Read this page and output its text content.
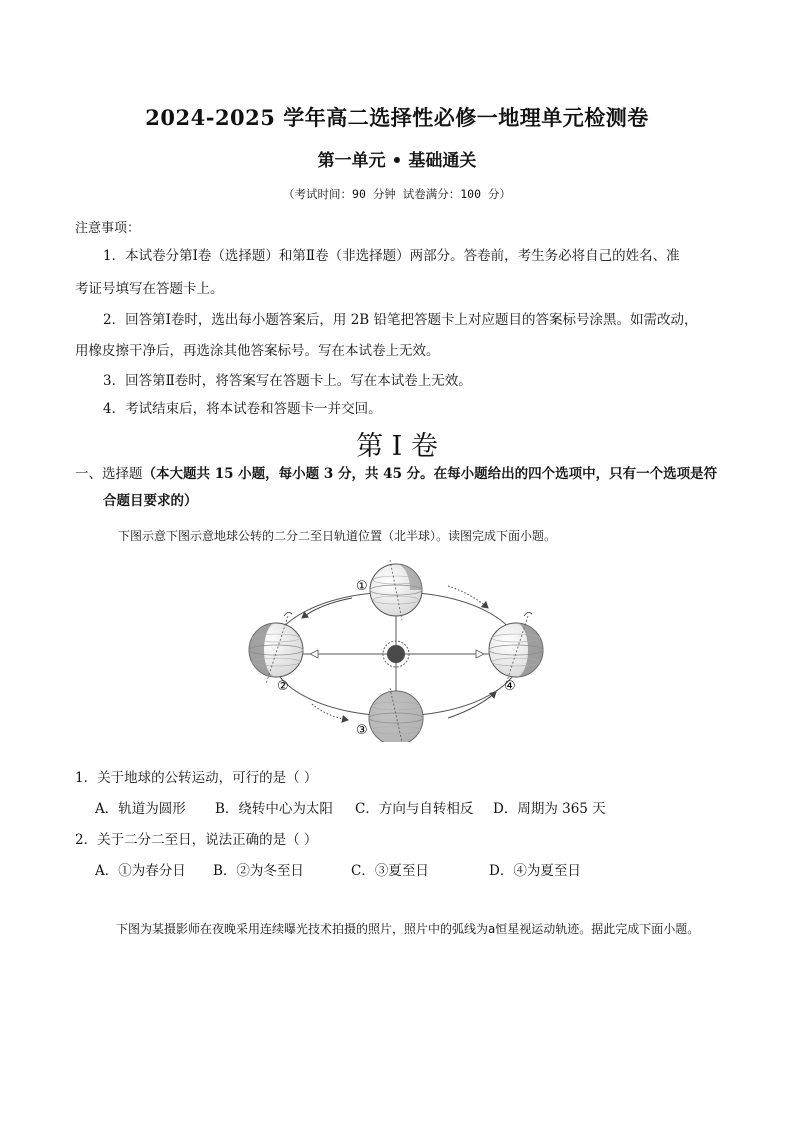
2024-2025 学年高二选择性必修一地理单元检测卷
第一单元 • 基础通关
（考试时间：90 分钟 试卷满分：100 分）
注意事项：
1．本试卷分第Ⅰ卷（选择题）和第Ⅱ卷（非选择题）两部分。答卷前，考生务必将自己的姓名、准
考证号填写在答题卡上。
2．回答第Ⅰ卷时，选出每小题答案后，用 2B 铅笔把答题卡上对应题目的答案标号涂黑。如需改动，
用橡皮擦干净后，再选涂其他答案标号。写在本试卷上无效。
3．回答第Ⅱ卷时，将答案写在答题卡上。写在本试卷上无效。
4．考试结束后，将本试卷和答题卡一并交回。
第 I 卷
一、选择题（本大题共 15 小题，每小题 3 分，共 45 分。在每小题给出的四个选项中，只有一个选项是符
合题目要求的）
下图示意下图示意地球公转的二分二至日轨道位置（北半球）。读图完成下面小题。
①
②
③
④
1．关于地球的公转运动，可行的是（ ）
A．轨道为圆形 B．绕转中心为太阳 C．方向与自转相反 D．周期为 365 天
2．关于二分二至日，说法正确的是（ ）
A．①为春分日 B．②为冬至日	C．③夏至日	D．④为夏至日
下图为某摄影师在夜晚采用连续曝光技术拍摄的照片，照片中的弧线为a恒星视运动轨迹。据此完成下面小题。
